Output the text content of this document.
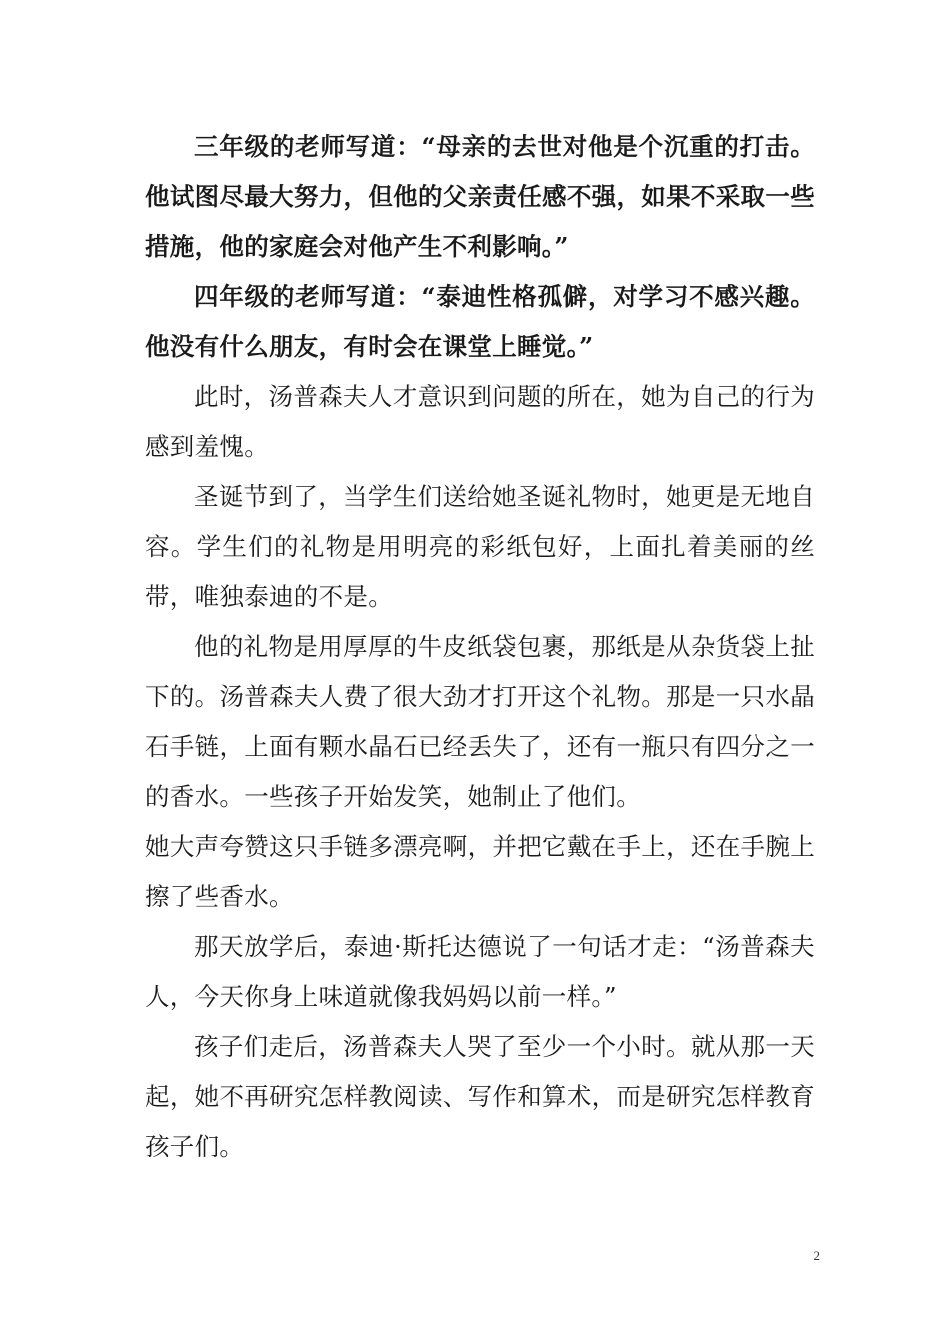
三年级的老师写道：“母亲的去世对他是个沉重的打击。他试图尽最大努力，但他的父亲责任感不强，如果不采取一些措施，他的家庭会对他产生不利影响。”

四年级的老师写道：“泰迪性格孤僻，对学习不感兴趣。他没有什么朋友，有时会在课堂上睡觉。”

此时，汤普森夫人才意识到问题的所在，她为自己的行为感到羞愧。

圣诞节到了，当学生们送给她圣诞礼物时，她更是无地自容。学生们的礼物是用明亮的彩纸包好，上面扎着美丽的丝带，唯独泰迪的不是。

他的礼物是用厚厚的牛皮纸袋包裹，那纸是从杂货袋上扯下的。汤普森夫人费了很大劲才打开这个礼物。那是一只水晶石手链，上面有颗水晶石已经丢失了，还有一瓶只有四分之一的香水。一些孩子开始发笑，她制止了他们。

她大声夸赞这只手链多漂亮啊，并把它戴在手上，还在手腕上擦了些香水。

那天放学后，泰迪·斯托达德说了一句话才走：“汤普森夫人，今天你身上味道就像我妈妈以前一样。”

孩子们走后，汤普森夫人哭了至少一个小时。就从那一天起，她不再研究怎样教阅读、写作和算术，而是研究怎样教育孩子们。

2
